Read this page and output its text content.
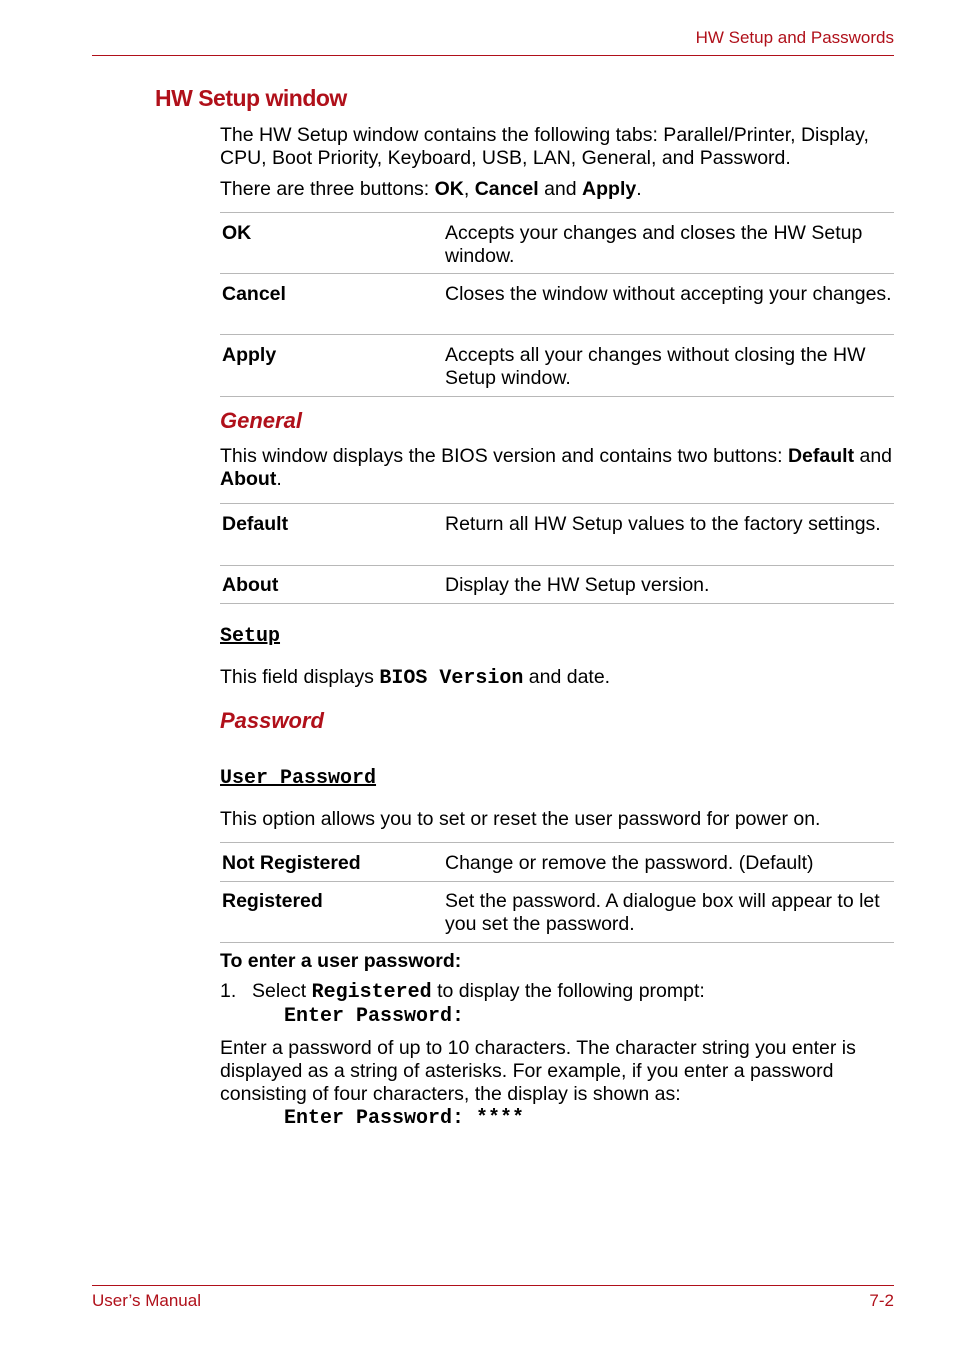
HW Setup and Passwords
HW Setup window
The HW Setup window contains the following tabs: Parallel/Printer, Display, CPU, Boot Priority, Keyboard, USB, LAN, General, and Password.
There are three buttons: OK, Cancel and Apply.
OK	Accepts your changes and closes the HW Setup window.
Cancel	Closes the window without accepting your changes.
Apply	Accepts all your changes without closing the HW Setup window.
General
This window displays the BIOS version and contains two buttons: Default and About.
Default	Return all HW Setup values to the factory settings.
About	Display the HW Setup version.
Setup
This field displays BIOS Version and date.
Password
User Password
This option allows you to set or reset the user password for power on.
Not Registered	Change or remove the password. (Default)
Registered	Set the password. A dialogue box will appear to let you set the password.
To enter a user password:
1. Select Registered to display the following prompt:
Enter Password:
Enter a password of up to 10 characters. The character string you enter is displayed as a string of asterisks. For example, if you enter a password consisting of four characters, the display is shown as:
Enter Password: ****
User’s Manual	7-2
